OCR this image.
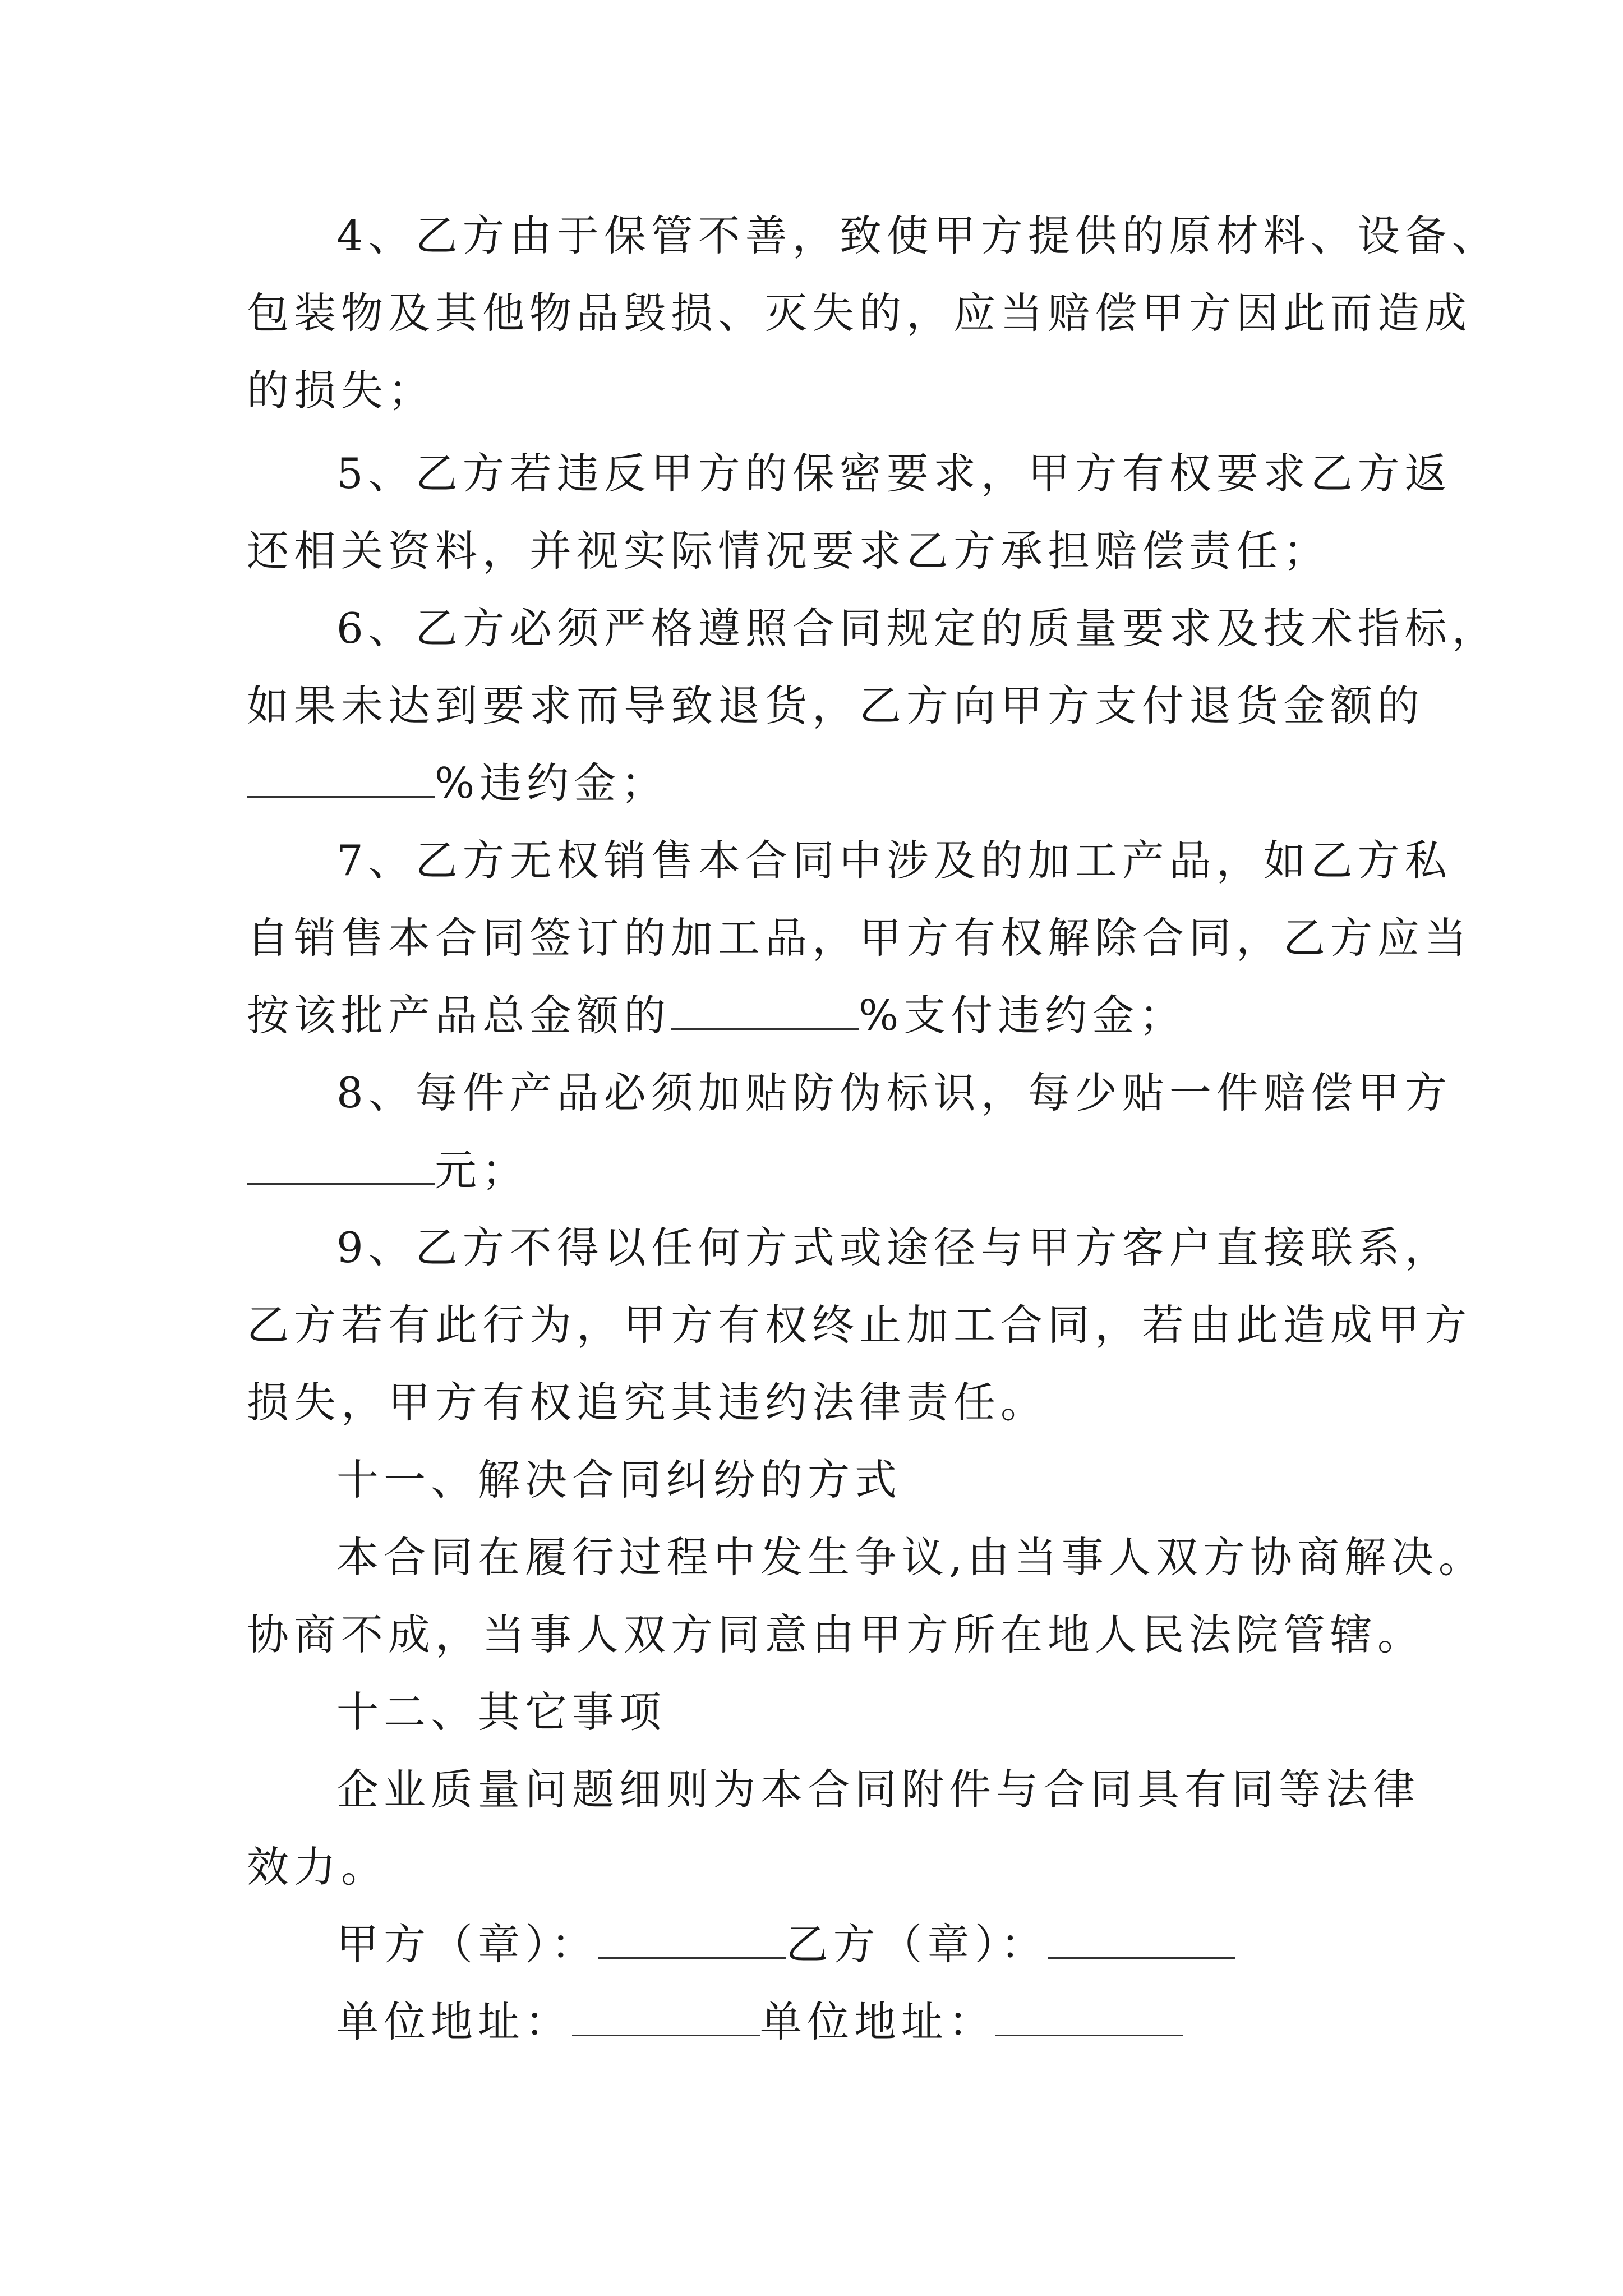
4、乙方由于保管不善，致使甲方提供的原材料、设备、
包装物及其他物品毁损、灭失的，应当赔偿甲方因此而造成
的损失；
5、乙方若违反甲方的保密要求，甲方有权要求乙方返
还相关资料，并视实际情况要求乙方承担赔偿责任；
6、乙方必须严格遵照合同规定的质量要求及技术指标，
如果未达到要求而导致退货，乙方向甲方支付退货金额的
%违约金；
7、乙方无权销售本合同中涉及的加工产品，如乙方私
自销售本合同签订的加工品，甲方有权解除合同，乙方应当
按该批产品总金额的	%支付违约金；
8、每件产品必须加贴防伪标识，每少贴一件赔偿甲方
元；
9、乙方不得以任何方式或途径与甲方客户直接联系，
乙方若有此行为，甲方有权终止加工合同，若由此造成甲方
损失，甲方有权追究其违约法律责任。
十一、解决合同纠纷的方式
本合同在履行过程中发生争议,由当事人双方协商解决。
协商不成，当事人双方同意由甲方所在地人民法院管辖。
十二、其它事项
企业质量问题细则为本合同附件与合同具有同等法律
效力。
甲方（章）：	乙方（章）：
单位地址：	单位地址：
